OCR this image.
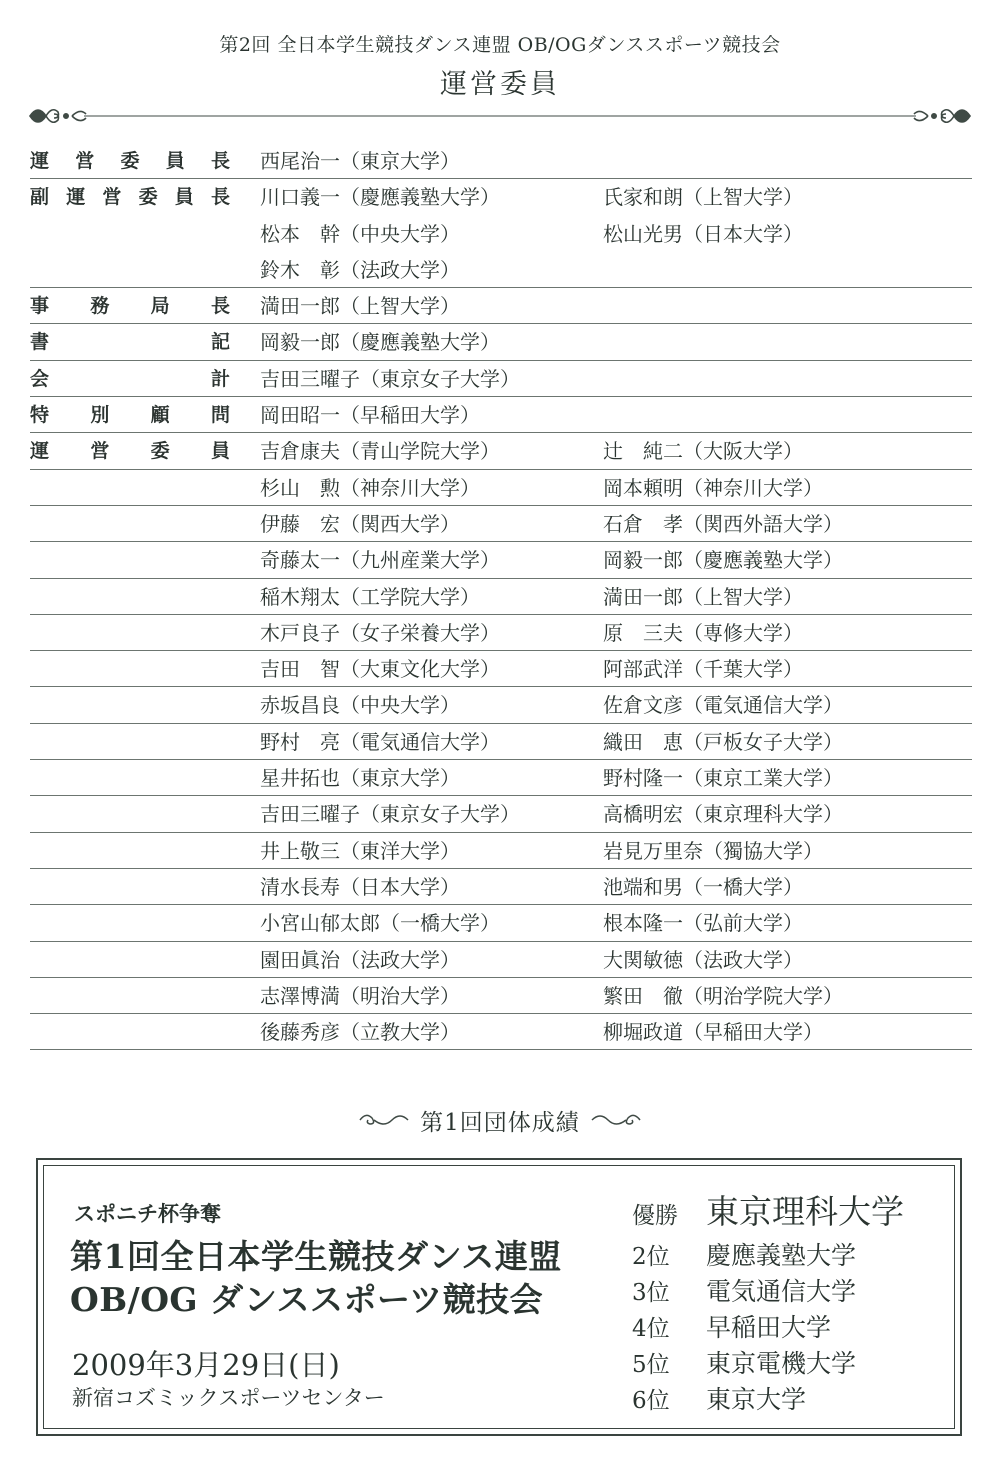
第2回 全日本学生競技ダンス連盟 OB/OGダンススポーツ競技会
運営委員
運 営 委 員 長 西尾治一（東京大学）
副 運 営 委 員 長 川口義一（慶應義塾大学）	氏家和朗（上智大学）
松本　幹（中央大学）	松山光男（日本大学）
鈴木　彰（法政大学）
事 務 局 長 満田一郎（上智大学）
書	記 岡毅一郎（慶應義塾大学）
会	計 吉田三曜子（東京女子大学）
特 別 顧 問 岡田昭一（早稲田大学）
運 営 委 員 吉倉康夫（青山学院大学）	辻　純二（大阪大学）
杉山　勲（神奈川大学）	岡本頼明（神奈川大学）
伊藤　宏（関西大学）	石倉　孝（関西外語大学）
奇藤太一（九州産業大学）	岡毅一郎（慶應義塾大学）
稲木翔太（工学院大学）	満田一郎（上智大学）
木戸良子（女子栄養大学）	原　三夫（専修大学）
吉田　智（大東文化大学）	阿部武洋（千葉大学）
赤坂昌良（中央大学）	佐倉文彦（電気通信大学）
野村　亮（電気通信大学）	織田　恵（戸板女子大学）
星井拓也（東京大学）	野村隆一（東京工業大学）
吉田三曜子（東京女子大学）	高橋明宏（東京理科大学）
井上敬三（東洋大学）	岩見万里奈（獨協大学）
清水長寿（日本大学）	池端和男（一橋大学）
小宮山郁太郎（一橋大学）	根本隆一（弘前大学）
園田眞治（法政大学）	大関敏徳（法政大学）
志澤博満（明治大学）	繁田　徹（明治学院大学）
後藤秀彦（立教大学）	柳堀政道（早稲田大学）
第1回団体成績
スポニチ杯争奪
第1回全日本学生競技ダンス連盟
OB/OG ダンススポーツ競技会
2009年3月29日(日)
新宿コズミックスポーツセンター
優勝 東京理科大学
2位 慶應義塾大学
3位 電気通信大学
4位 早稲田大学
5位 東京電機大学
6位 東京大学
